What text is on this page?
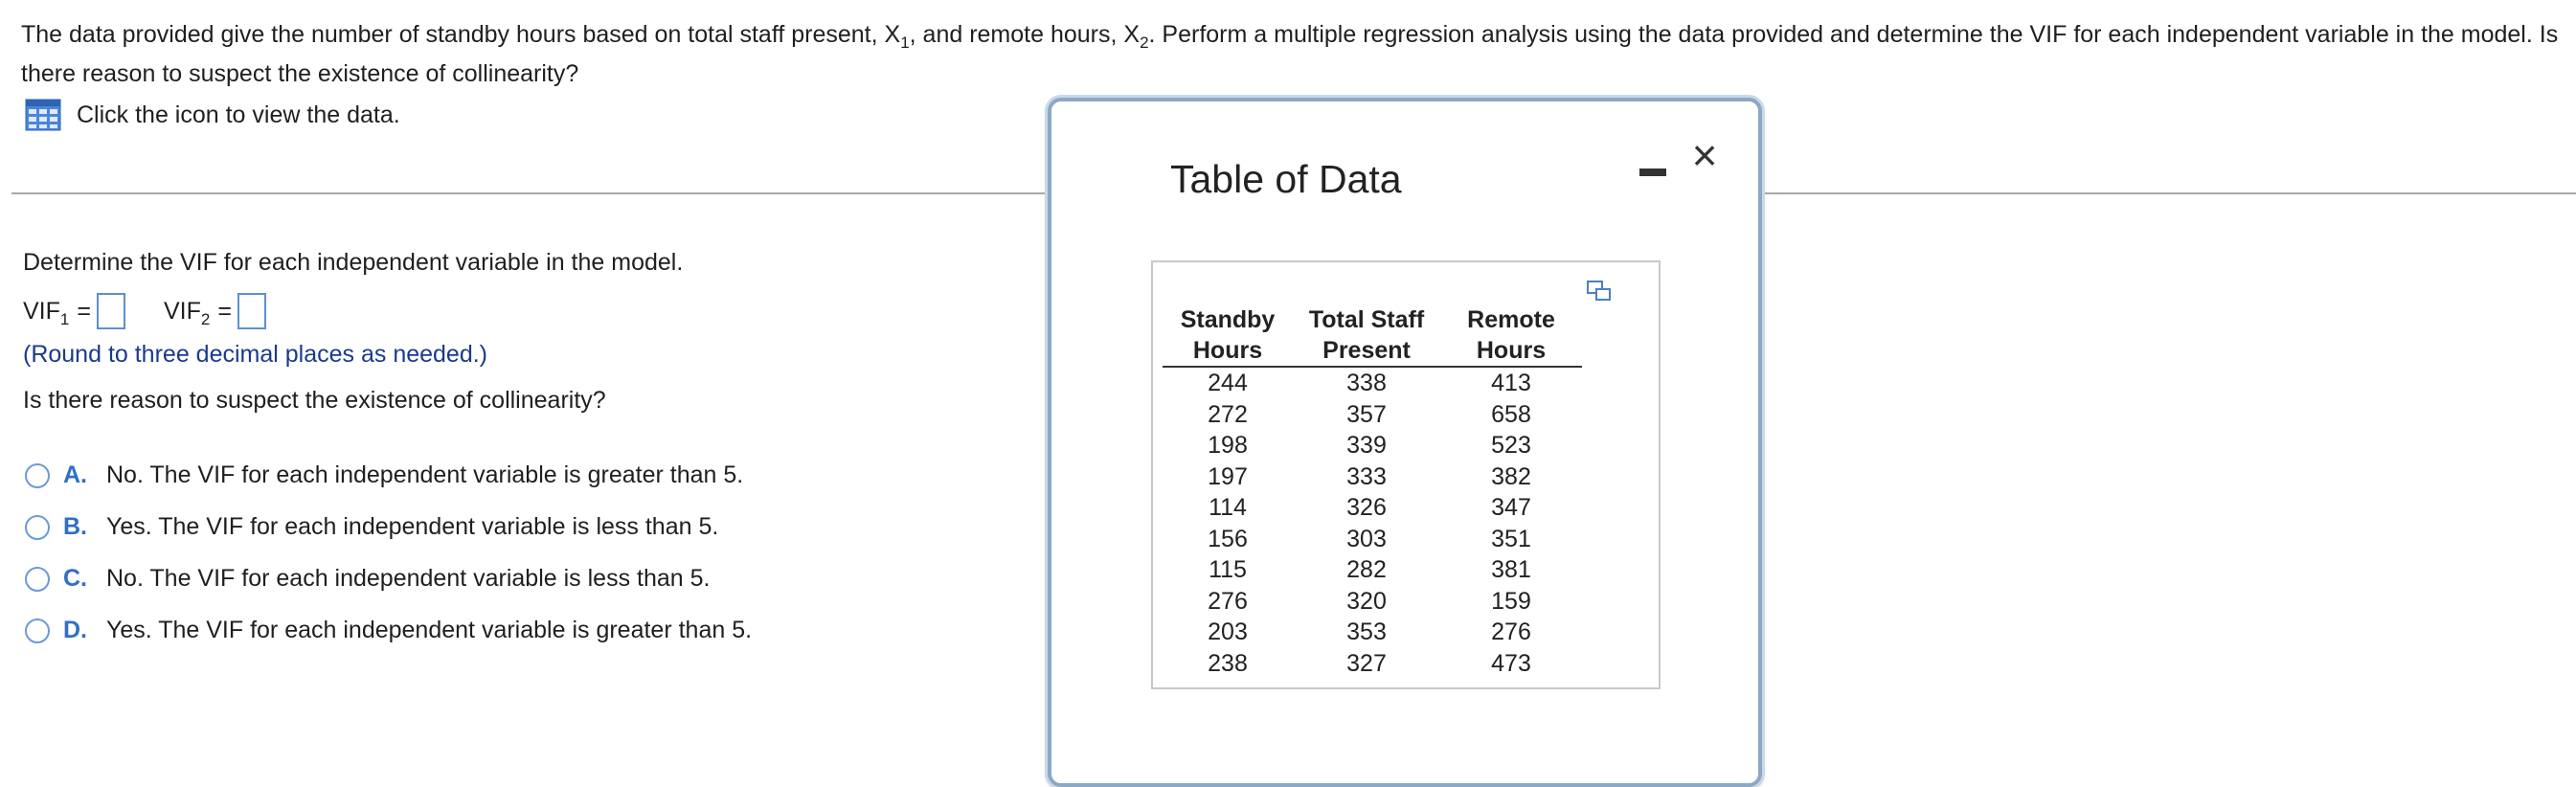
The data provided give the number of standby hours based on total staff present, $X_1$, and remote hours, $X_2$. Perform a multiple regression analysis using the data provided and determine the VIF for each independent variable in the model. Is there reason to suspect the existence of collinearity?
Click the icon to view the data.
Determine the VIF for each independent variable in the model.
$VIF_1$ =	$VIF_2$ =
(Round to three decimal places as needed.)
Is there reason to suspect the existence of collinearity?
A. No. The VIF for each independent variable is greater than 5.
B. Yes. The VIF for each independent variable is less than 5.
C. No. The VIF for each independent variable is less than 5.
D. Yes. The VIF for each independent variable is greater than 5.
Table of Data	×
Standby	Total Staff	Remote
Hours	Present	Hours
244	338	413
272	357	658
198	339	523
197	333	382
114	326	347
156	303	351
115	282	381
276	320	159
203	353	276
238	327	473
